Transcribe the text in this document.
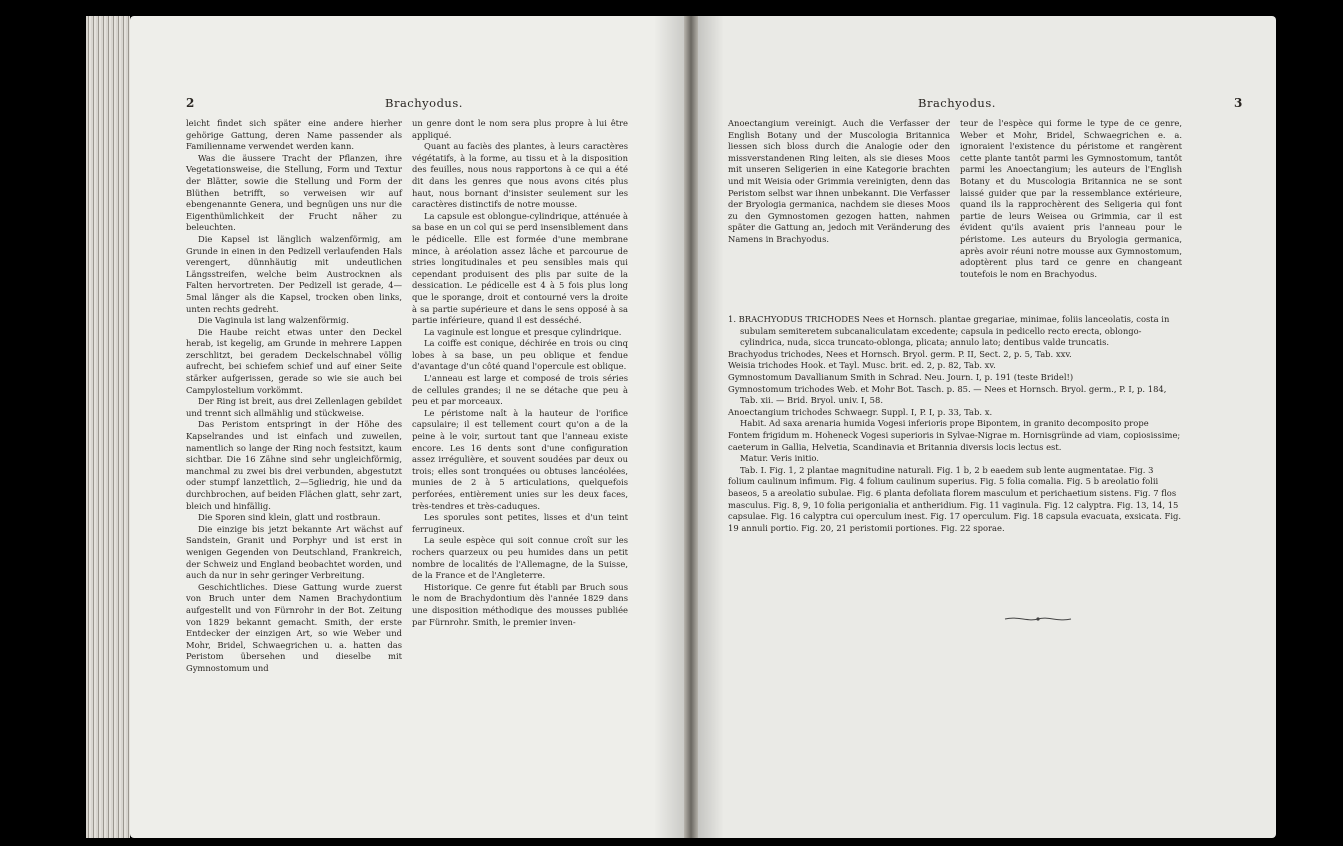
2	Brachyodus.

leicht findet sich später eine andere hierher gehörige Gattung, deren Name passender als Familienname verwendet werden kann.

Was die äussere Tracht der Pflanzen, ihre Vegetationsweise, die Stellung, Form und Textur der Blätter, sowie die Stellung und Form der Blüthen betrifft, so verweisen wir auf ebengenannte Genera, und begnügen uns nur die Eigenthümlichkeit der Frucht näher zu beleuchten.

Die Kapsel ist länglich walzenförmig, am Grunde in einen in den Pedizell verlaufenden Hals verengert, dünnhäutig mit undeutlichen Längsstreifen, welche beim Austrocknen als Falten hervortreten. Der Pedizell ist gerade, 4—5mal länger als die Kapsel, trocken oben links, unten rechts gedreht.

Die Vaginula ist lang walzenförmig.

Die Haube reicht etwas unter den Deckel herab, ist kegelig, am Grunde in mehrere Lappen zerschlitzt, bei geradem Deckelschnabel völlig aufrecht, bei schiefem schief und auf einer Seite stärker aufgerissen, gerade so wie sie auch bei Campylostelium vorkömmt.

Der Ring ist breit, aus drei Zellenlagen gebildet und trennt sich allmählig und stückweise.

Das Peristom entspringt in der Höhe des Kapselrandes und ist einfach und zuweilen, namentlich so lange der Ring noch festsitzt, kaum sichtbar. Die 16 Zähne sind sehr ungleichförmig, manchmal zu zwei bis drei verbunden, abgestutzt oder stumpf lanzettlich, 2—5gliedrig, hie und da durchbrochen, auf beiden Flächen glatt, sehr zart, bleich und hinfällig.

Die Sporen sind klein, glatt und rostbraun.

Die einzige bis jetzt bekannte Art wächst auf Sandstein, Granit und Porphyr und ist erst in wenigen Gegenden von Deutschland, Frankreich, der Schweiz und England beobachtet worden, und auch da nur in sehr geringer Verbreitung.

Geschichtliches. Diese Gattung wurde zuerst von Bruch unter dem Namen Brachydontium aufgestellt und von Fürnrohr in der Bot. Zeitung von 1829 bekannt gemacht. Smith, der erste Entdecker der einzigen Art, so wie Weber und Mohr, Bridel, Schwaegrichen u. a. hatten das Peristom übersehen und dieselbe mit Gymnostomum und

un genre dont le nom sera plus propre à lui être appliqué.

Quant au faciès des plantes, à leurs caractères végétatifs, à la forme, au tissu et à la disposition des feuilles, nous nous rapportons à ce qui a été dit dans les genres que nous avons cités plus haut, nous bornant d'insister seulement sur les caractères distinctifs de notre mousse.

La capsule est oblongue-cylindrique, atténuée à sa base en un col qui se perd insensiblement dans le pédicelle. Elle est formée d'une membrane mince, à aréolation assez lâche et parcourue de stries longitudinales et peu sensibles mais qui cependant produisent des plis par suite de la dessication. Le pédicelle est 4 à 5 fois plus long que le sporange, droit et contourné vers la droite à sa partie supérieure et dans le sens opposé à sa partie inférieure, quand il est desséché.

La vaginule est longue et presque cylindrique.

La coiffe est conique, déchirée en trois ou cinq lobes à sa base, un peu oblique et fendue d'avantage d'un côté quand l'opercule est oblique.

L'anneau est large et composé de trois séries de cellules grandes; il ne se détache que peu à peu et par morceaux.

Le péristome naît à la hauteur de l'orifice capsulaire; il est tellement court qu'on a de la peine à le voir, surtout tant que l'anneau existe encore. Les 16 dents sont d'une configuration assez irrégulière, et souvent soudées par deux ou trois; elles sont tronquées ou obtuses lancéolées, munies de 2 à 5 articulations, quelquefois perforées, entièrement unies sur les deux faces, très-tendres et très-caduques.

Les sporules sont petites, lisses et d'un teint ferrugineux.

La seule espèce qui soit connue croît sur les rochers quarzeux ou peu humides dans un petit nombre de localités de l'Allemagne, de la Suisse, de la France et de l'Angleterre.

Historique. Ce genre fut établi par Bruch sous le nom de Brachydontium dès l'année 1829 dans une disposition méthodique des mousses publiée par Fürnrohr. Smith, le premier inven-

Brachyodus.	3

Anoectangium vereinigt. Auch die Verfasser der English Botany und der Muscologia Britannica liessen sich bloss durch die Analogie oder den missverstandenen Ring leiten, als sie dieses Moos mit unseren Seligerien in eine Kategorie brachten und mit Weisia oder Grimmia vereinigten, denn das Peristom selbst war ihnen unbekannt. Die Verfasser der Bryologia germanica, nachdem sie dieses Moos zu den Gymnostomen gezogen hatten, nahmen später die Gattung an, jedoch mit Veränderung des Namens in Brachyodus.

teur de l'espèce qui forme le type de ce genre, Weber et Mohr, Bridel, Schwaegrichen e. a. ignoraient l'existence du péristome et rangèrent cette plante tantôt parmi les Gymnostomum, tantôt parmi les Anoectangium; les auteurs de l'English Botany et du Muscologia Britannica ne se sont laissé guider que par la ressemblance extérieure, quand ils la rapprochèrent des Seligeria qui font partie de leurs Weisea ou Grimmia, car il est évident qu'ils avaient pris l'anneau pour le péristome. Les auteurs du Bryologia germanica, après avoir réuni notre mousse aux Gymnostomum, adoptèrent plus tard ce genre en changeant toutefois le nom en Brachyodus.

1. BRACHYODUS TRICHODES Nees et Hornsch. plantae gregariae, minimae, foliis lanceolatis, costa in subulam semiteretem subcanaliculatam excedente; capsula in pedicello recto erecta, oblongo-cylindrica, nuda, sicca truncato-oblonga, plicata; annulo lato; dentibus valde truncatis.

Brachyodus trichodes, Nees et Hornsch. Bryol. germ. P. II, Sect. 2, p. 5, Tab. xxv.

Weisia trichodes Hook. et Tayl. Musc. brit. ed. 2, p. 82, Tab. xv.

Gymnostomum Davallianum Smith in Schrad. Neu. Journ. I, p. 191 (teste Bridel!)

Gymnostomum trichodes Web. et Mohr Bot. Tasch. p. 85. — Nees et Hornsch. Bryol. germ., P. I, p. 184, Tab. xii. — Brid. Bryol. univ. I, 58.

Anoectangium trichodes Schwaegr. Suppl. I, P. I, p. 33, Tab. x.

Habit. Ad saxa arenaria humida Vogesi inferioris prope Bipontem, in granito decomposito prope Fontem frigidum m. Hoheneck Vogesi superioris in Sylvae-Nigrae m. Hornisgründe ad viam, copiosissime; caeterum in Gallia, Helvetia, Scandinavia et Britannia diversis locis lectus est.

Matur. Veris initio.

Tab. I. Fig. 1, 2 plantae magnitudine naturali. Fig. 1 b, 2 b eaedem sub lente augmentatae. Fig. 3 folium caulinum infimum. Fig. 4 folium caulinum superius. Fig. 5 folia comalia. Fig. 5 b areolatio folii baseos, 5 a areolatio subulae. Fig. 6 planta defoliata florem masculum et perichaetium sistens. Fig. 7 flos masculus. Fig. 8, 9, 10 folia perigonialia et antheridium. Fig. 11 vaginula. Fig. 12 calyptra. Fig. 13, 14, 15 capsulae. Fig. 16 calyptra cui operculum inest. Fig. 17 operculum. Fig. 18 capsula evacuata, exsicata. Fig. 19 annuli portio. Fig. 20, 21 peristomii portiones. Fig. 22 sporae.
